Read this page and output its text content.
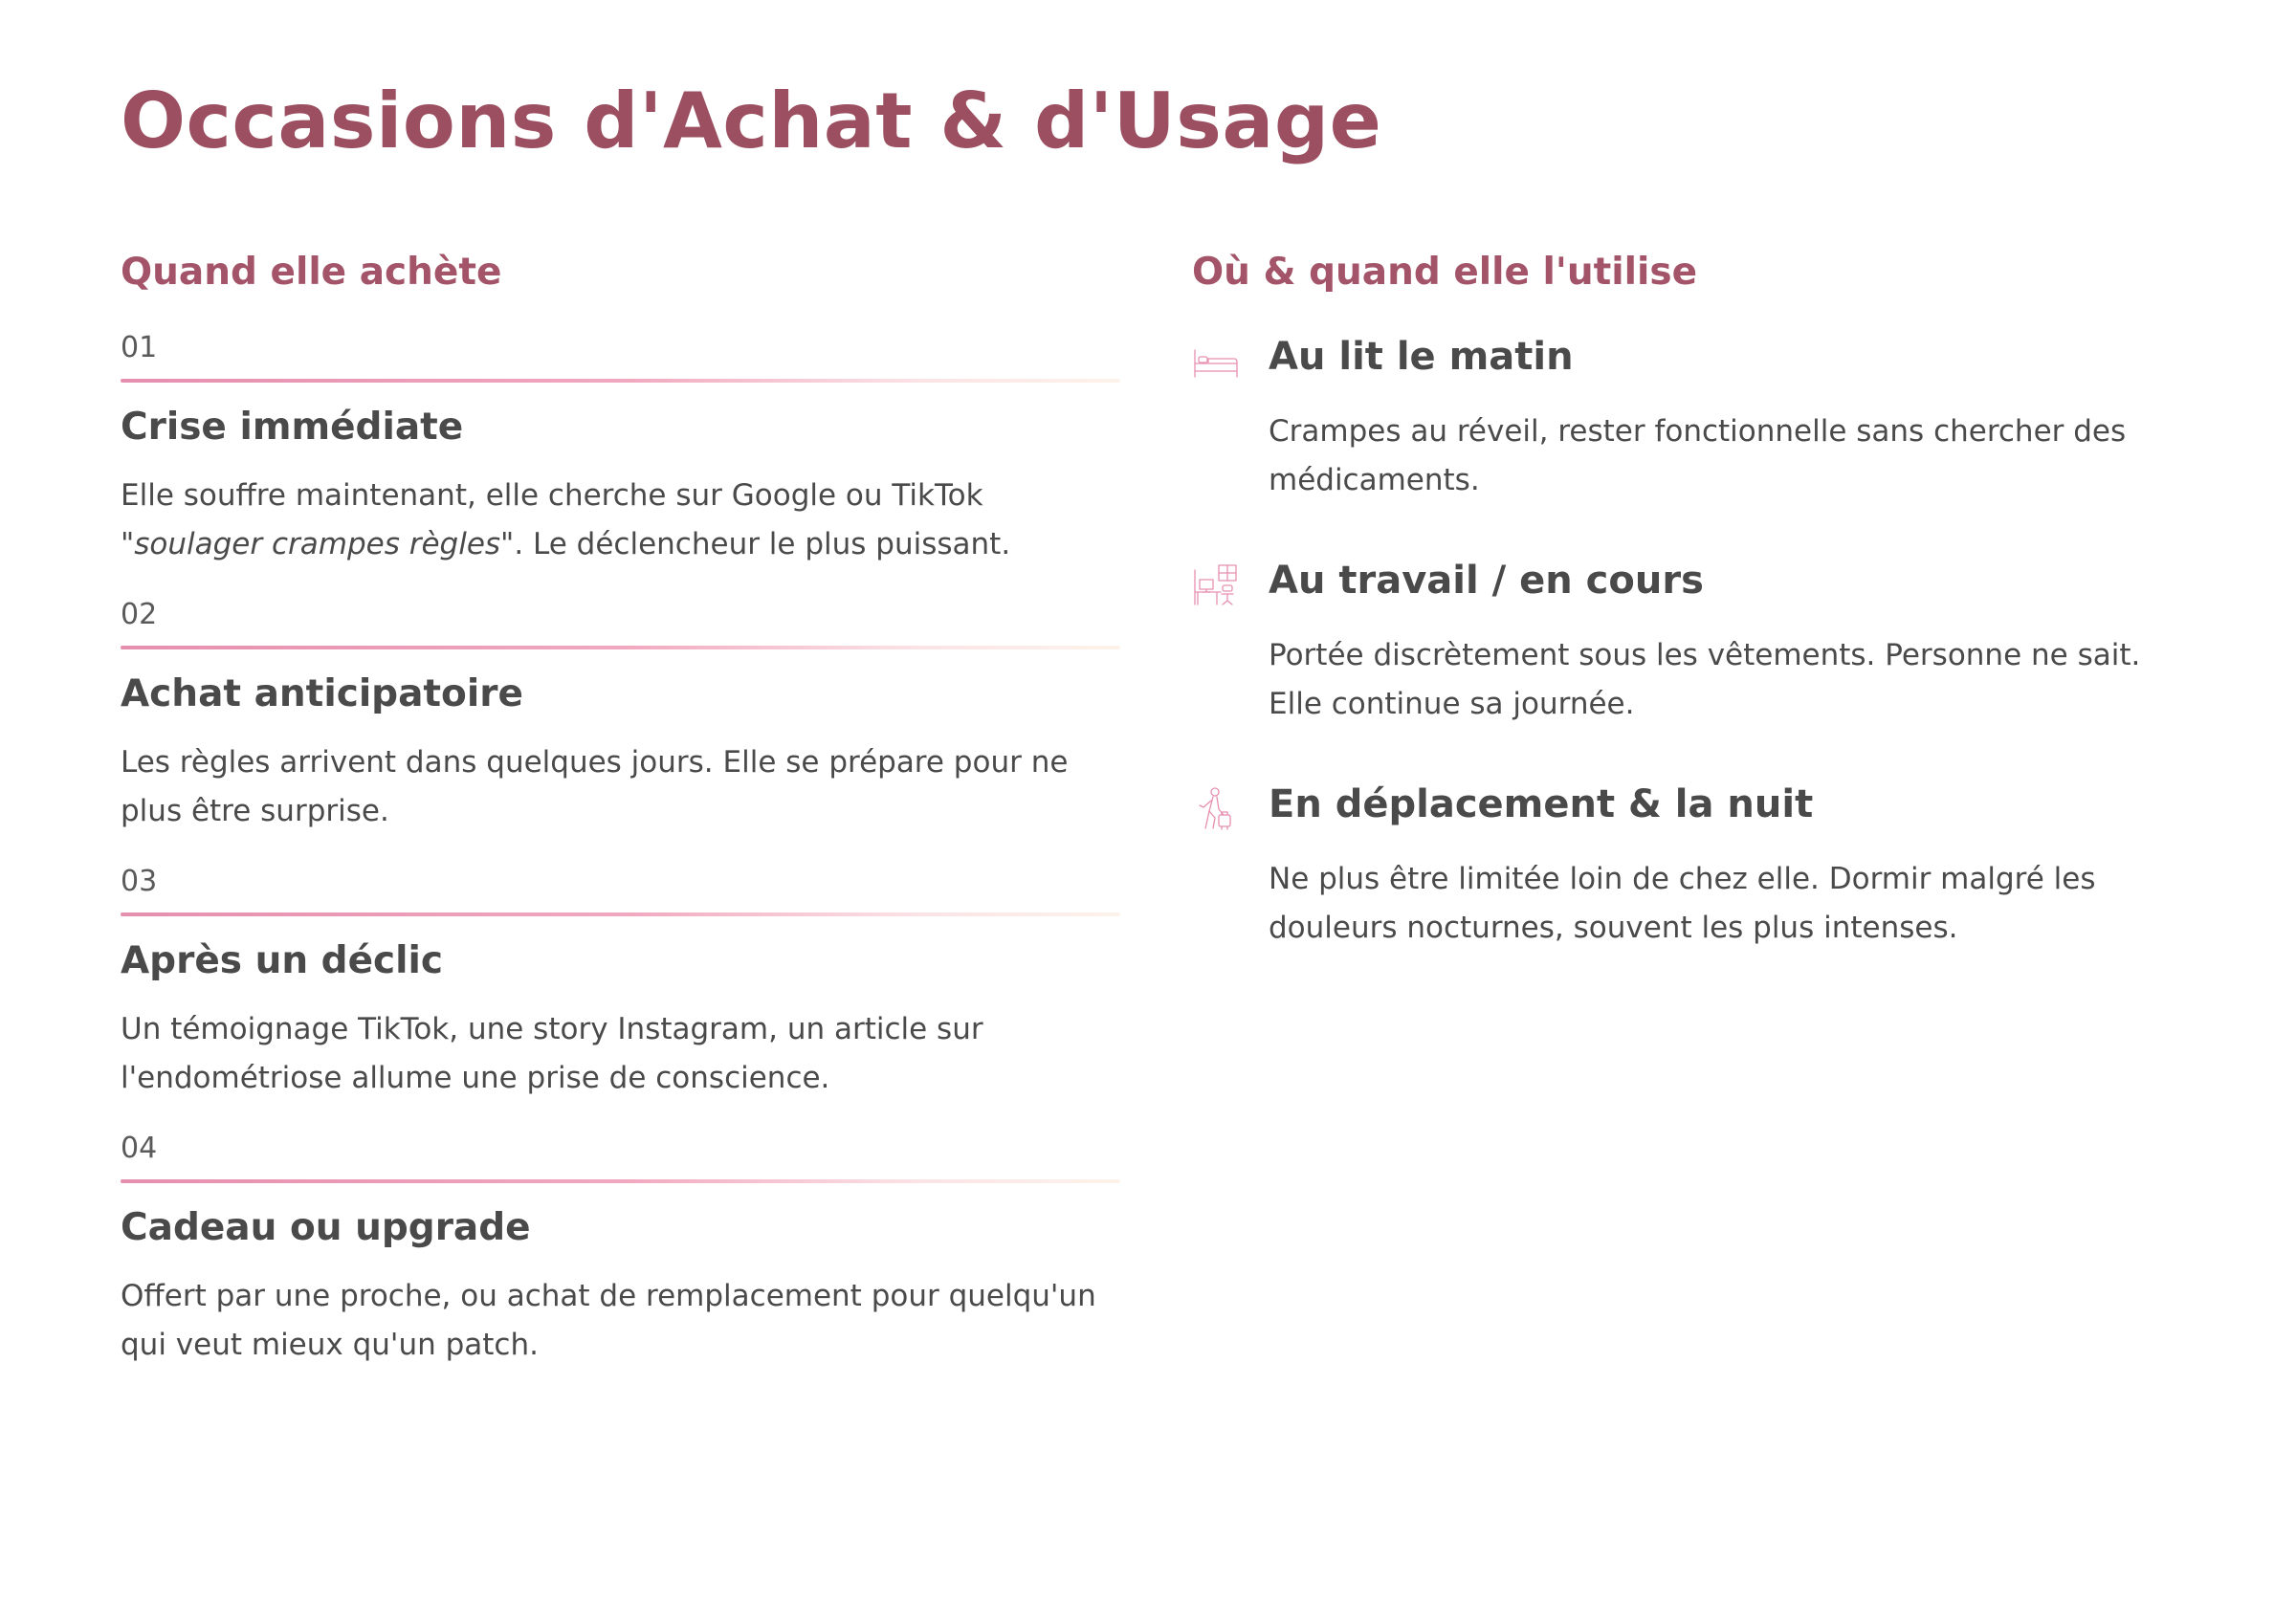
Occasions d'Achat & d'Usage
Quand elle achète
01
Crise immédiate

Elle souffre maintenant, elle cherche sur Google ou TikTok "soulager crampes règles". Le déclencheur le plus puissant.

02
Achat anticipatoire

Les règles arrivent dans quelques jours. Elle se prépare pour ne plus être surprise.

03
Après un déclic

Un témoignage TikTok, une story Instagram, un article sur l'endométriose allume une prise de conscience.

04
Cadeau ou upgrade

Offert par une proche, ou achat de remplacement pour quelqu'un qui veut mieux qu'un patch.

Où & quand elle l'utilise
Au lit le matin

Crampes au réveil, rester fonctionnelle sans chercher des médicaments.

Au travail / en cours

Portée discrètement sous les vêtements. Personne ne sait. Elle continue sa journée.

En déplacement & la nuit

Ne plus être limitée loin de chez elle. Dormir malgré les douleurs nocturnes, souvent les plus intenses.
